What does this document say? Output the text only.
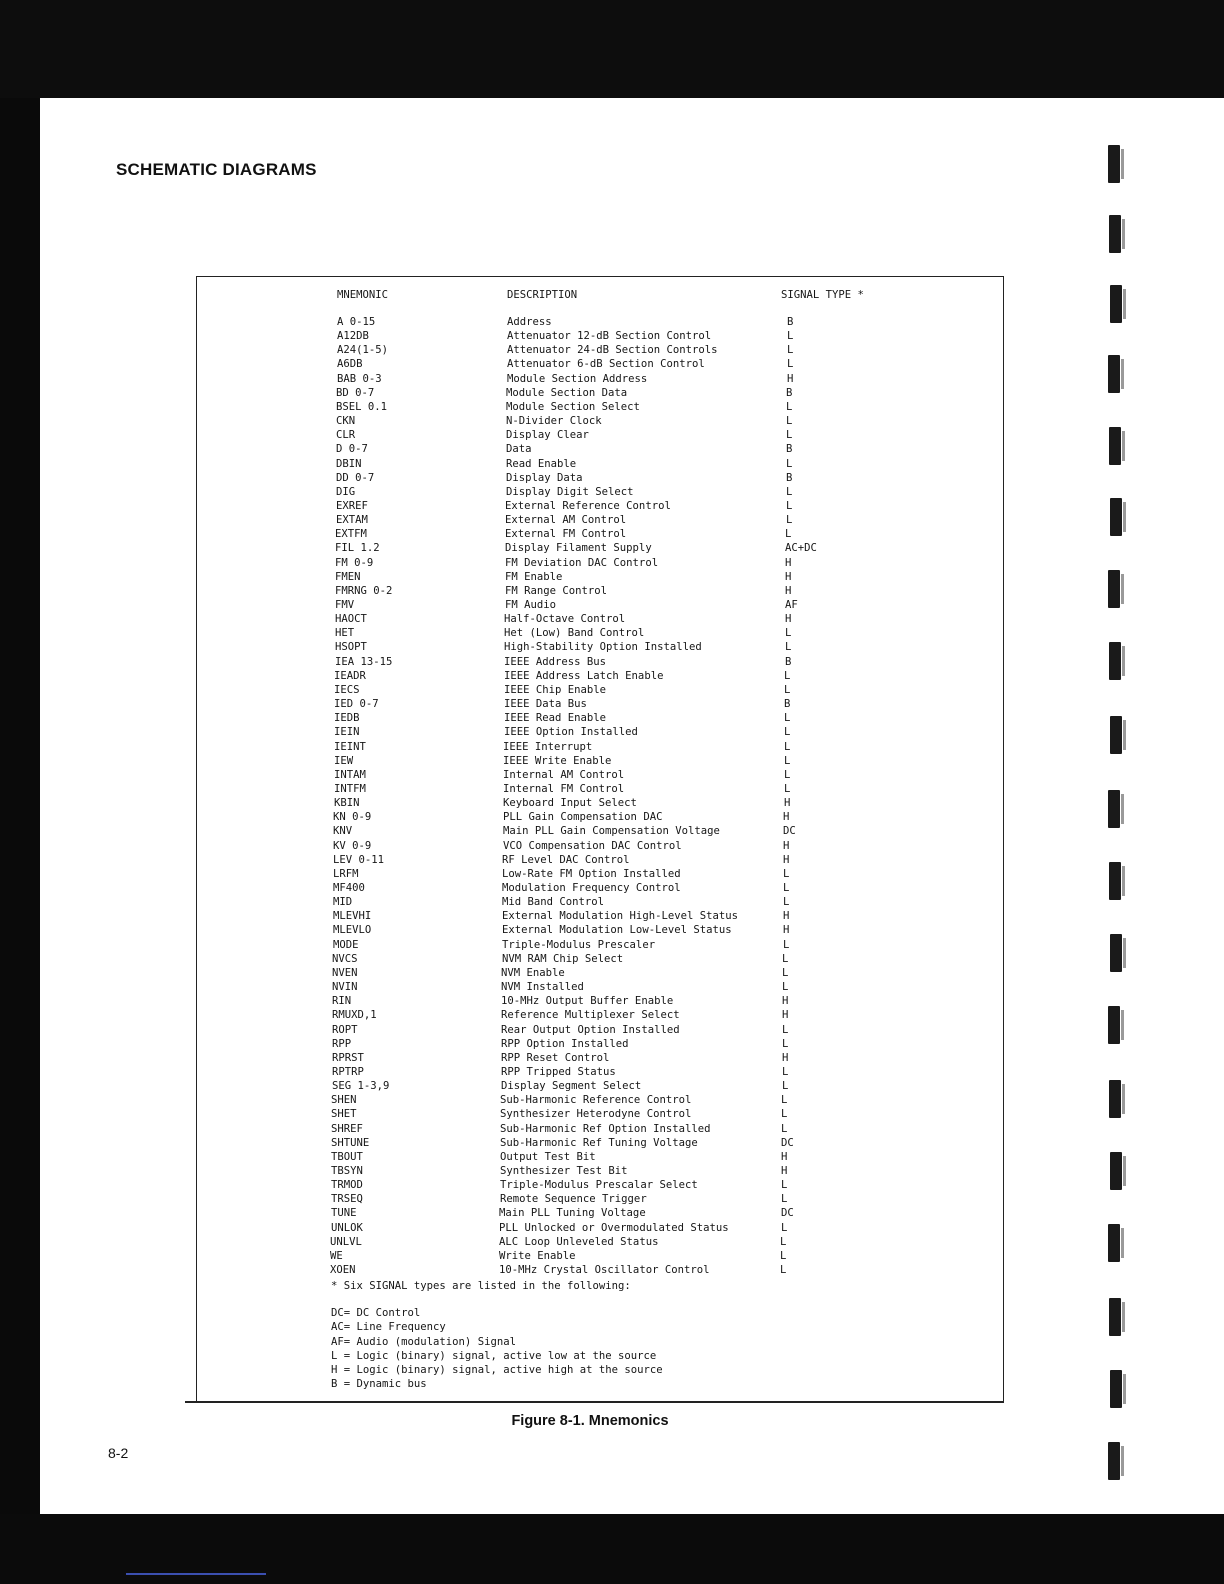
SCHEMATIC DIAGRAMS
MNEMONIC	DESCRIPTION	SIGNAL TYPE *
A 0-15	Address	B
A12DB	Attenuator 12-dB Section Control	L
A24(1-5)	Attenuator 24-dB Section Controls	L
A6DB	Attenuator 6-dB Section Control	L
BAB 0-3	Module Section Address	H
BD 0-7	Module Section Data	B
BSEL 0.1	Module Section Select	L
CKN	N-Divider Clock	L
CLR	Display Clear	L
D 0-7	Data	B
DBIN	Read Enable	L
DD 0-7	Display Data	B
DIG	Display Digit Select	L
EXREF	External Reference Control	L
EXTAM	External AM Control	L
EXTFM	External FM Control	L
FIL 1.2	Display Filament Supply	AC+DC
FM 0-9	FM Deviation DAC Control	H
FMEN	FM Enable	H
FMRNG 0-2	FM Range Control	H
FMV	FM Audio	AF
HAOCT	Half-Octave Control	H
HET	Het (Low) Band Control	L
HSOPT	High-Stability Option Installed	L
IEA 13-15	IEEE Address Bus	B
IEADR	IEEE Address Latch Enable	L
IECS	IEEE Chip Enable	L
IED 0-7	IEEE Data Bus	B
IEDB	IEEE Read Enable	L
IEIN	IEEE Option Installed	L
IEINT	IEEE Interrupt	L
IEW	IEEE Write Enable	L
INTAM	Internal AM Control	L
INTFM	Internal FM Control	L
KBIN	Keyboard Input Select	H
KN 0-9	PLL Gain Compensation DAC	H
KNV	Main PLL Gain Compensation Voltage	DC
KV 0-9	VCO Compensation DAC Control	H
LEV 0-11	RF Level DAC Control	H
LRFM	Low-Rate FM Option Installed	L
MF400	Modulation Frequency Control	L
MID	Mid Band Control	L
MLEVHI	External Modulation High-Level Status	H
MLEVLO	External Modulation Low-Level Status	H
MODE	Triple-Modulus Prescaler	L
NVCS	NVM RAM Chip Select	L
NVEN	NVM Enable	L
NVIN	NVM Installed	L
RIN	10-MHz Output Buffer Enable	H
RMUXD,1	Reference Multiplexer Select	H
ROPT	Rear Output Option Installed	L
RPP	RPP Option Installed	L
RPRST	RPP Reset Control	H
RPTRP	RPP Tripped Status	L
SEG 1-3,9	Display Segment Select	L
SHEN	Sub-Harmonic Reference Control	L
SHET	Synthesizer Heterodyne Control	L
SHREF	Sub-Harmonic Ref Option Installed	L
SHTUNE	Sub-Harmonic Ref Tuning Voltage	DC
TBOUT	Output Test Bit	H
TBSYN	Synthesizer Test Bit	H
TRMOD	Triple-Modulus Prescalar Select	L
TRSEQ	Remote Sequence Trigger	L
TUNE	Main PLL Tuning Voltage	DC
UNLOK	PLL Unlocked or Overmodulated Status	L
UNLVL	ALC Loop Unleveled Status	L
WE	Write Enable	L
XOEN	10-MHz Crystal Oscillator Control	L
* Six SIGNAL types are listed in the following:
DC= DC Control
AC= Line Frequency
AF= Audio (modulation) Signal
L = Logic (binary) signal, active low at the source
H = Logic (binary) signal, active high at the source
B = Dynamic bus
Figure 8-1. Mnemonics
8-2
